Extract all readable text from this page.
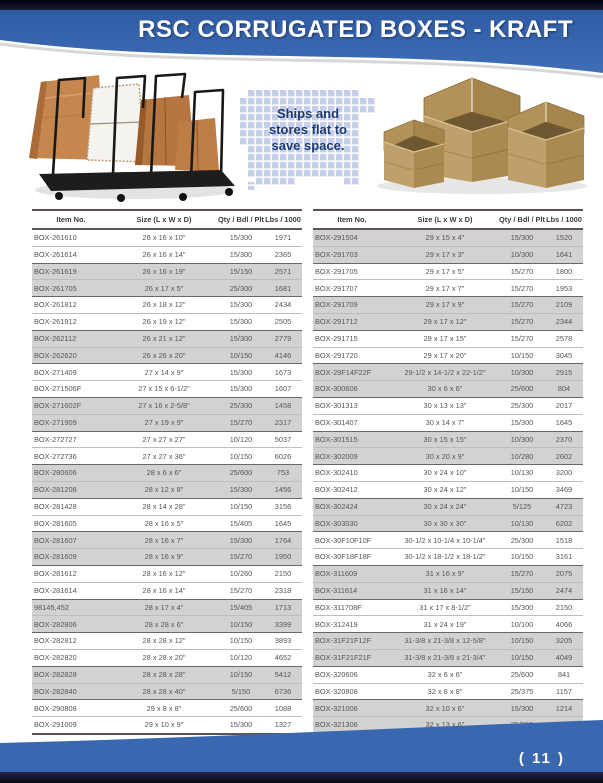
RSC CORRUGATED BOXES - KRAFT
Ships and
stores flat to
save space.
Item No.	Size (L x W x D)	Qty / Bdl / Plt	Lbs / 1000
BOX-261610	26 x 16 x 10"	15/300	1971
BOX-261614	26 x 16 x 14"	15/300	2365
BOX-261619	26 x 16 x 19"	15/150	2571
BOX-261705	26 x 17 x 5"	25/300	1681
BOX-261812	26 x 18 x 12"	15/300	2434
BOX-261912	26 x 19 x 12"	15/300	2505
BOX-262112	26 x 21 x 12"	15/300	2779
BOX-262620	26 x 26 x 20"	10/150	4146
BOX-271409	27 x 14 x 9"	15/300	1673
BOX-271506F	27 x 15 x 6-1/2"	15/300	1607
BOX-271602F	27 x 16 x 2-5/8"	25/300	1458
BOX-271909	27 x 19 x 9"	15/270	2317
BOX-272727	27 x 27 x 27"	10/120	5037
BOX-272736	27 x 27 x 36"	10/150	6026
BOX-280606	28 x 6 x 6"	25/600	753
BOX-281208	28 x 12 x 8"	15/300	1456
BOX-281428	28 x 14 x 28"	10/150	3156
BOX-281605	28 x 16 x 5"	15/405	1645
BOX-281607	28 x 16 x 7"	15/300	1764
BOX-281609	28 x 16 x 9"	15/270	1950
BOX-281612	28 x 16 x 12"	10/260	2150
BOX-281614	28 x 16 x 14"	15/270	2318
98145,452	28 x 17 x 4"	15/405	1713
BOX-282806	28 x 28 x 6"	10/150	3399
BOX-282812	28 x 28 x 12"	10/150	3893
BOX-282820	28 x 28 x 20"	10/120	4652
BOX-282828	28 x 28 x 28"	10/150	5412
BOX-282840	28 x 28 x 40"	5/150	6736
BOX-290808	29 x 8 x 8"	25/600	1088
BOX-291009	29 x 10 x 9"	15/300	1327
Item No.	Size (L x W x D)	Qty / Bdl / Plt	Lbs / 1000
BOX-291504	29 x 15 x 4"	15/300	1520
BOX-291703	29 x 17 x 3"	10/300	1641
BOX-291705	29 x 17 x 5"	15/270	1800
BOX-291707	29 x 17 x 7"	15/270	1953
BOX-291709	29 x 17 x 9"	15/270	2109
BOX-291712	29 x 17 x 12"	15/270	2344
BOX-291715	29 x 17 x 15"	15/270	2578
BOX-291720	29 x 17 x 20"	10/150	3045
BOX-29F14F22F	29-1/2 x 14-1/2 x 22-1/2"	10/300	2915
BOX-300606	30 x 6 x 6"	25/600	804
BOX-301313	30 x 13 x 13"	25/300	2017
BOX-301407	30 x 14 x 7"	15/300	1645
BOX-301515	30 x 15 x 15"	10/300	2370
BOX-302009	30 x 20 x 9"	10/280	2602
BOX-302410	30 x 24 x 10"	10/130	3200
BOX-302412	30 x 24 x 12"	10/150	3469
BOX-302424	30 x 24 x 24"	5/125	4723
BOX-303030	30 x 30 x 30"	10/130	6202
BOX-30F10F10F	30-1/2 x 10-1/4 x 10-1/4"	25/300	1518
BOX-30F18F18F	30-1/2 x 18-1/2 x 18-1/2"	10/150	3161
BOX-311609	31 x 16 x 9"	15/270	2075
BOX-311614	31 x 16 x 14"	15/150	2474
BOX-311708F	31 x 17 x 8-1/2"	15/300	2150
BOX-312419	31 x 24 x 19"	10/100	4066
BOX-31F21F12F	31-3/8 x 21-3/8 x 12-5/8"	10/150	3205
BOX-31F21F21F	31-3/8 x 21-3/8 x 21-3/4"	10/150	4049
BOX-320606	32 x 6 x 6"	25/600	841
BOX-320808	32 x 8 x 8"	25/375	1157
BOX-321006	32 x 10 x 6"	15/300	1214
BOX-321306	32 x 13 x 6"		
( 11 )
